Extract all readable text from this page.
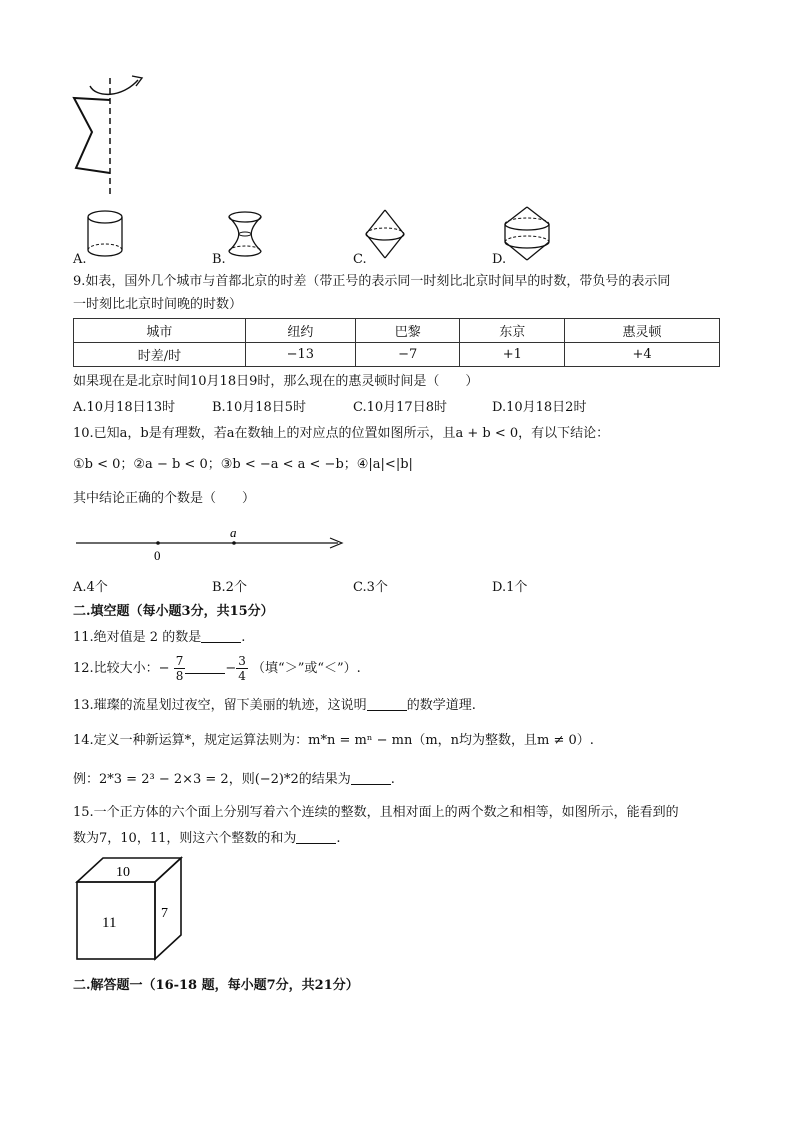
A.	B.	C.	D.
9.如表，国外几个城市与首都北京的时差（带正号的表示同一时刻比北京时间早的时数，带负号的表示同
一时刻比北京时间晚的时数）
城市	纽约	巴黎	东京	惠灵顿
时差/时	−13	−7	+1	+4
如果现在是北京时间10月18日9时，那么现在的惠灵顿时间是（　　）
A.10月18日13时	B.10月18日5时	C.10月17日8时	D.10月18日2时
10.已知a，b是有理数，若a在数轴上的对应点的位置如图所示，且a + b < 0，有以下结论：
①b < 0；②a − b < 0；③b < −a < a < −b；④|a|<|b|
其中结论正确的个数是（　　）
0
a
A.4个	B.2个	C.3个	D.1个
二.填空题（每小题3分，共15分）
11.绝对值是 2 的数是	.
12.比较大小：− $\frac{7}{8}$	− $\frac{3}{4}$ （填“＞”或“＜”）.
13.璀璨的流星划过夜空，留下美丽的轨迹，这说明	的数学道理.
14.定义一种新运算*，规定运算法则为：m*n = mⁿ − mn（m，n均为整数，且m ≠ 0）.
例：2*3 = 2³ − 2×3 = 2，则(−2)*2的结果为	.
15.一个正方体的六个面上分别写着六个连续的整数，且相对面上的两个数之和相等，如图所示，能看到的
数为7，10，11，则这六个整数的和为	.
10
11
7
二.解答题一（16-18 题，每小题7分，共21分）
